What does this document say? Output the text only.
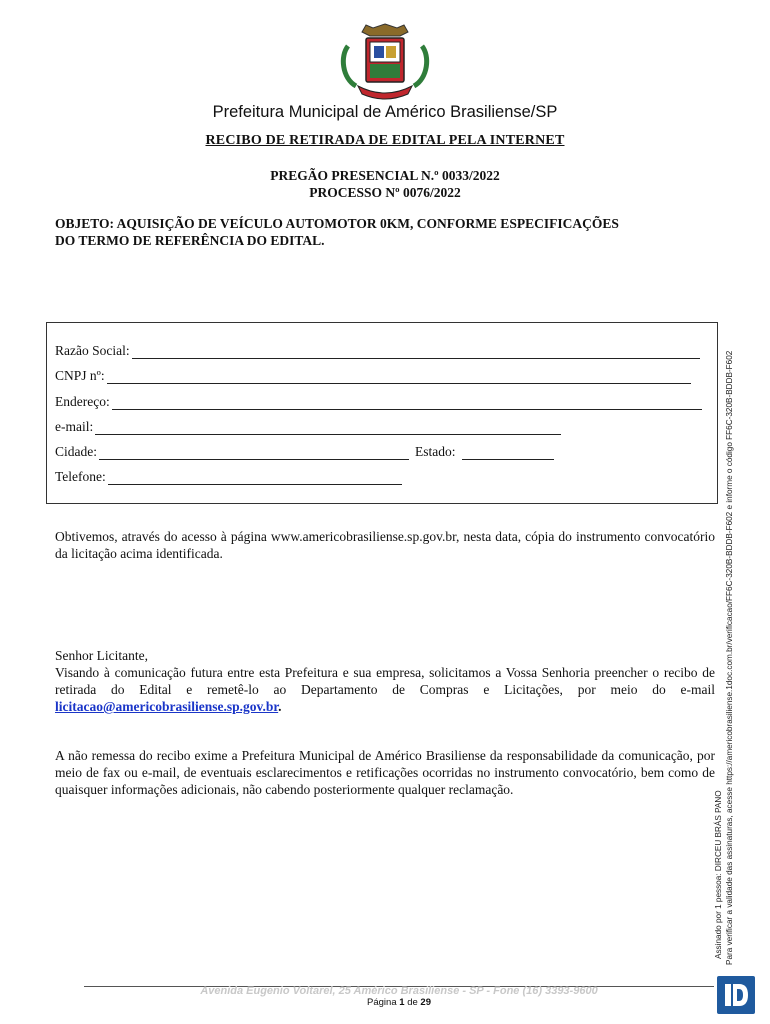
Prefeitura Municipal de Américo Brasiliense/SP
RECIBO DE RETIRADA DE EDITAL PELA INTERNET
PREGÃO PRESENCIAL N.º 0033/2022
PROCESSO Nº 0076/2022
OBJETO: AQUISIÇÃO DE VEÍCULO AUTOMOTOR 0KM, CONFORME ESPECIFICAÇÕES
DO TERMO DE REFERÊNCIA DO EDITAL.
Razão Social:
CNPJ nº:
Endereço:
e-mail:
Cidade:	Estado:
Telefone:
Obtivemos, através do acesso à página www.americobrasiliense.sp.gov.br, nesta data, cópia do instrumento convocatório da licitação acima identificada.
Senhor Licitante,
Visando à comunicação futura entre esta Prefeitura e sua empresa, solicitamos a Vossa Senhoria preencher o recibo de retirada do Edital e remetê-lo ao Departamento de Compras e Licitações, por meio do e-mail licitacao@americobrasiliense.sp.gov.br.
A não remessa do recibo exime a Prefeitura Municipal de Américo Brasiliense da responsabilidade da comunicação, por meio de fax ou e-mail, de eventuais esclarecimentos e retificações ocorridas no instrumento convocatório, bem como de quaisquer informações adicionais, não cabendo posteriormente qualquer reclamação.
Assinado por 1 pessoa: DIRCEU BRÁS PANO Para verificar a validade das assinaturas, acesse https://americobrasiliense.1doc.com.br/verificacao/FF6C-320B-BDDB-F602 e informe o código FF6C-320B-BDDB-F602
Avenida Eugenio Voltarel, 25 Américo Brasiliense - SP - Fone (16) 3393-9600
Página 1 de 29
